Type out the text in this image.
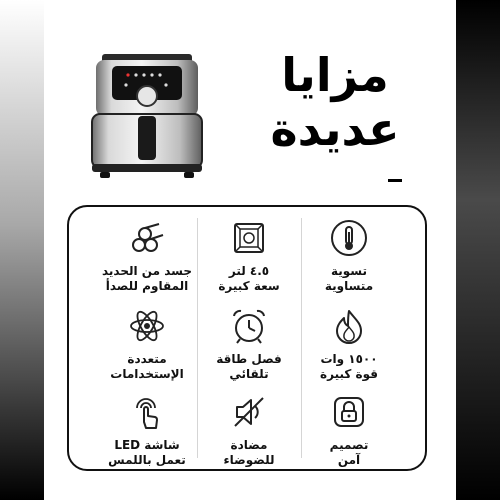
مزايا
عديدة
تسوية
متساوية
٤.٥ لتر
سعة كبيرة
جسد من الحديد
المقاوم للصدأ
١٥٠٠ وات
قوة كبيرة
فصل طاقة
تلقائي
متعددة
الإستخدامات
تصميم
آمن
مضادة
للضوضاء
شاشة LED
تعمل باللمس
